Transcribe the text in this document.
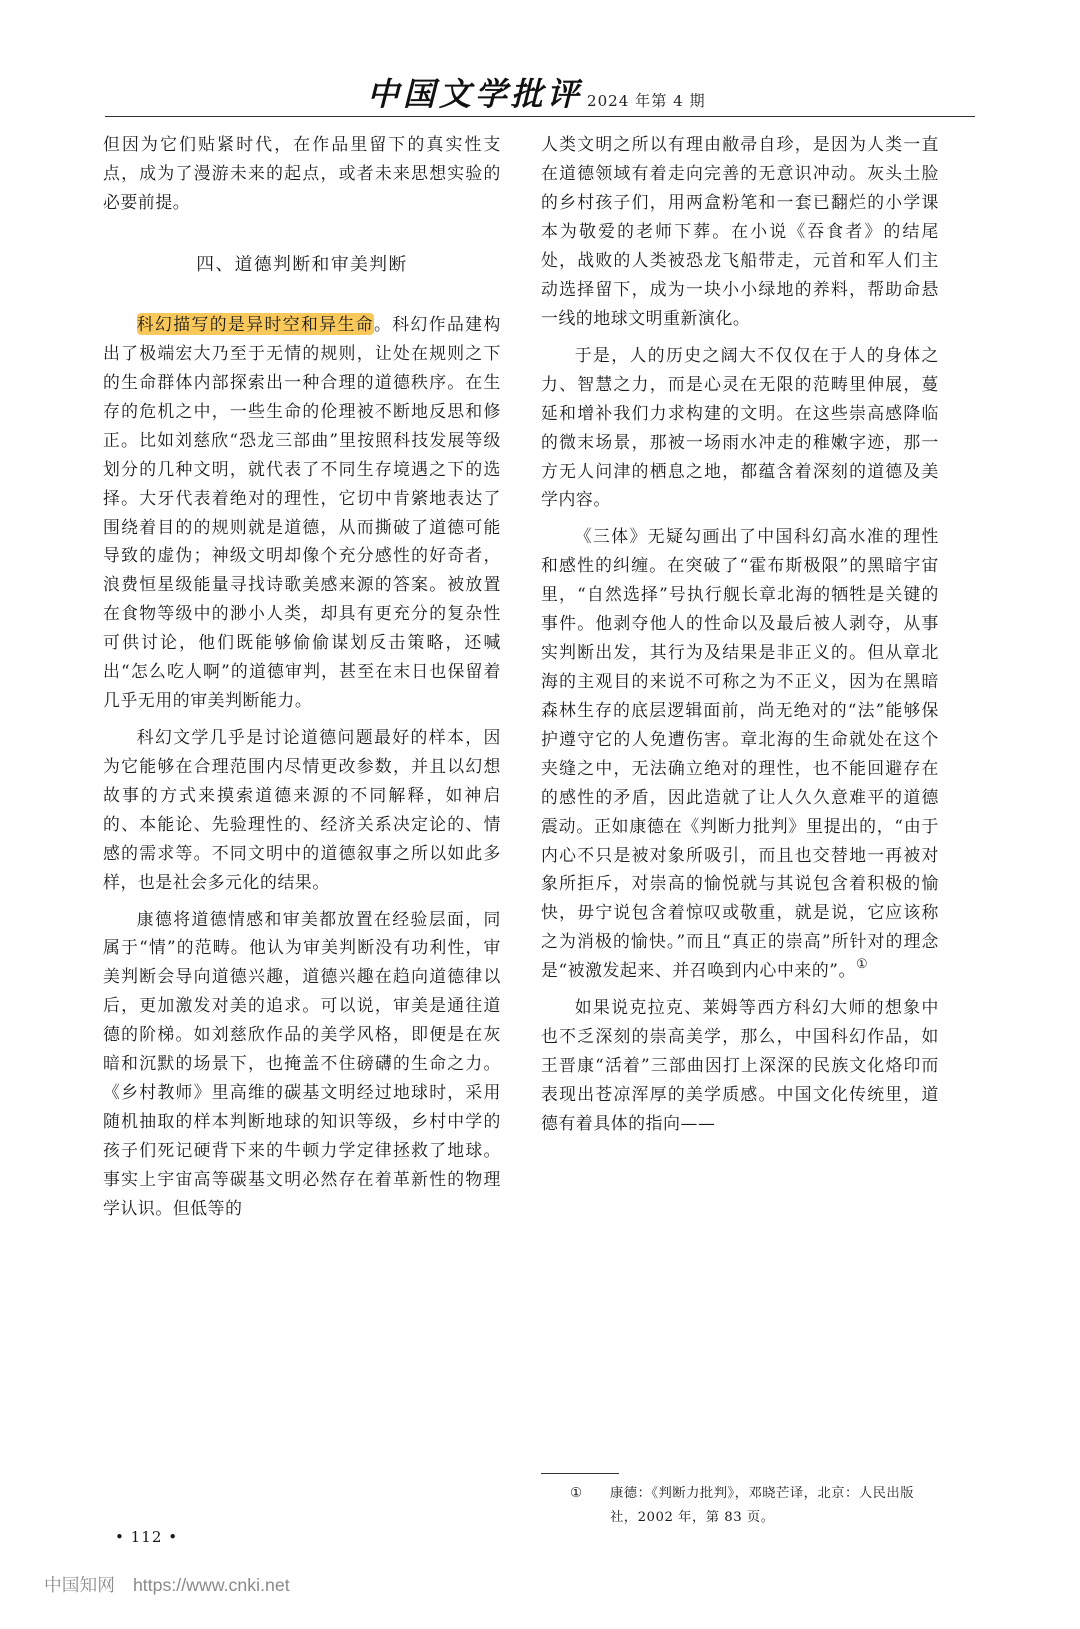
中国文学批评 2024 年第 4 期

但因为它们贴紧时代，在作品里留下的真实性支点，成为了漫游未来的起点，或者未来思想实验的必要前提。

四、道德判断和审美判断

科幻描写的是异时空和异生命。科幻作品建构出了极端宏大乃至于无情的规则，让处在规则之下的生命群体内部探索出一种合理的道德秩序。在生存的危机之中，一些生命的伦理被不断地反思和修正。比如刘慈欣“恐龙三部曲”里按照科技发展等级划分的几种文明，就代表了不同生存境遇之下的选择。大牙代表着绝对的理性，它切中肯綮地表达了围绕着目的的规则就是道德，从而撕破了道德可能导致的虚伪；神级文明却像个充分感性的好奇者，浪费恒星级能量寻找诗歌美感来源的答案。被放置在食物等级中的渺小人类，却具有更充分的复杂性可供讨论，他们既能够偷偷谋划反击策略，还喊出“怎么吃人啊”的道德审判，甚至在末日也保留着几乎无用的审美判断能力。

科幻文学几乎是讨论道德问题最好的样本，因为它能够在合理范围内尽情更改参数，并且以幻想故事的方式来摸索道德来源的不同解释，如神启的、本能论、先验理性的、经济关系决定论的、情感的需求等。不同文明中的道德叙事之所以如此多样，也是社会多元化的结果。

康德将道德情感和审美都放置在经验层面，同属于“情”的范畴。他认为审美判断没有功利性，审美判断会导向道德兴趣，道德兴趣在趋向道德律以后，更加激发对美的追求。可以说，审美是通往道德的阶梯。如刘慈欣作品的美学风格，即便是在灰暗和沉默的场景下，也掩盖不住磅礴的生命之力。《乡村教师》里高维的碳基文明经过地球时，采用随机抽取的样本判断地球的知识等级，乡村中学的孩子们死记硬背下来的牛顿力学定律拯救了地球。事实上宇宙高等碳基文明必然存在着革新性的物理学认识。但低等的

人类文明之所以有理由敝帚自珍，是因为人类一直在道德领域有着走向完善的无意识冲动。灰头土脸的乡村孩子们，用两盒粉笔和一套已翻烂的小学课本为敬爱的老师下葬。在小说《吞食者》的结尾处，战败的人类被恐龙飞船带走，元首和军人们主动选择留下，成为一块小小绿地的养料，帮助命悬一线的地球文明重新演化。

于是，人的历史之阔大不仅仅在于人的身体之力、智慧之力，而是心灵在无限的范畴里伸展，蔓延和增补我们力求构建的文明。在这些崇高感降临的微末场景，那被一场雨水冲走的稚嫩字迹，那一方无人问津的栖息之地，都蕴含着深刻的道德及美学内容。

《三体》无疑勾画出了中国科幻高水准的理性和感性的纠缠。在突破了“霍布斯极限”的黑暗宇宙里，“自然选择”号执行舰长章北海的牺牲是关键的事件。他剥夺他人的性命以及最后被人剥夺，从事实判断出发，其行为及结果是非正义的。但从章北海的主观目的来说不可称之为不正义，因为在黑暗森林生存的底层逻辑面前，尚无绝对的“法”能够保护遵守它的人免遭伤害。章北海的生命就处在这个夹缝之中，无法确立绝对的理性，也不能回避存在的感性的矛盾，因此造就了让人久久意难平的道德震动。正如康德在《判断力批判》里提出的，“由于内心不只是被对象所吸引，而且也交替地一再被对象所拒斥，对崇高的愉悦就与其说包含着积极的愉快，毋宁说包含着惊叹或敬重，就是说，它应该称之为消极的愉快。”而且“真正的崇高”所针对的理念是“被激发起来、并召唤到内心中来的”。①

如果说克拉克、莱姆等西方科幻大师的想象中也不乏深刻的崇高美学，那么，中国科幻作品，如王晋康“活着”三部曲因打上深深的民族文化烙印而表现出苍凉浑厚的美学质感。中国文化传统里，道德有着具体的指向——

①	康德：《判断力批判》，邓晓芒译，北京：人民出版社，2002 年，第 83 页。
• 112 •
中国知网 https://www.cnki.net
